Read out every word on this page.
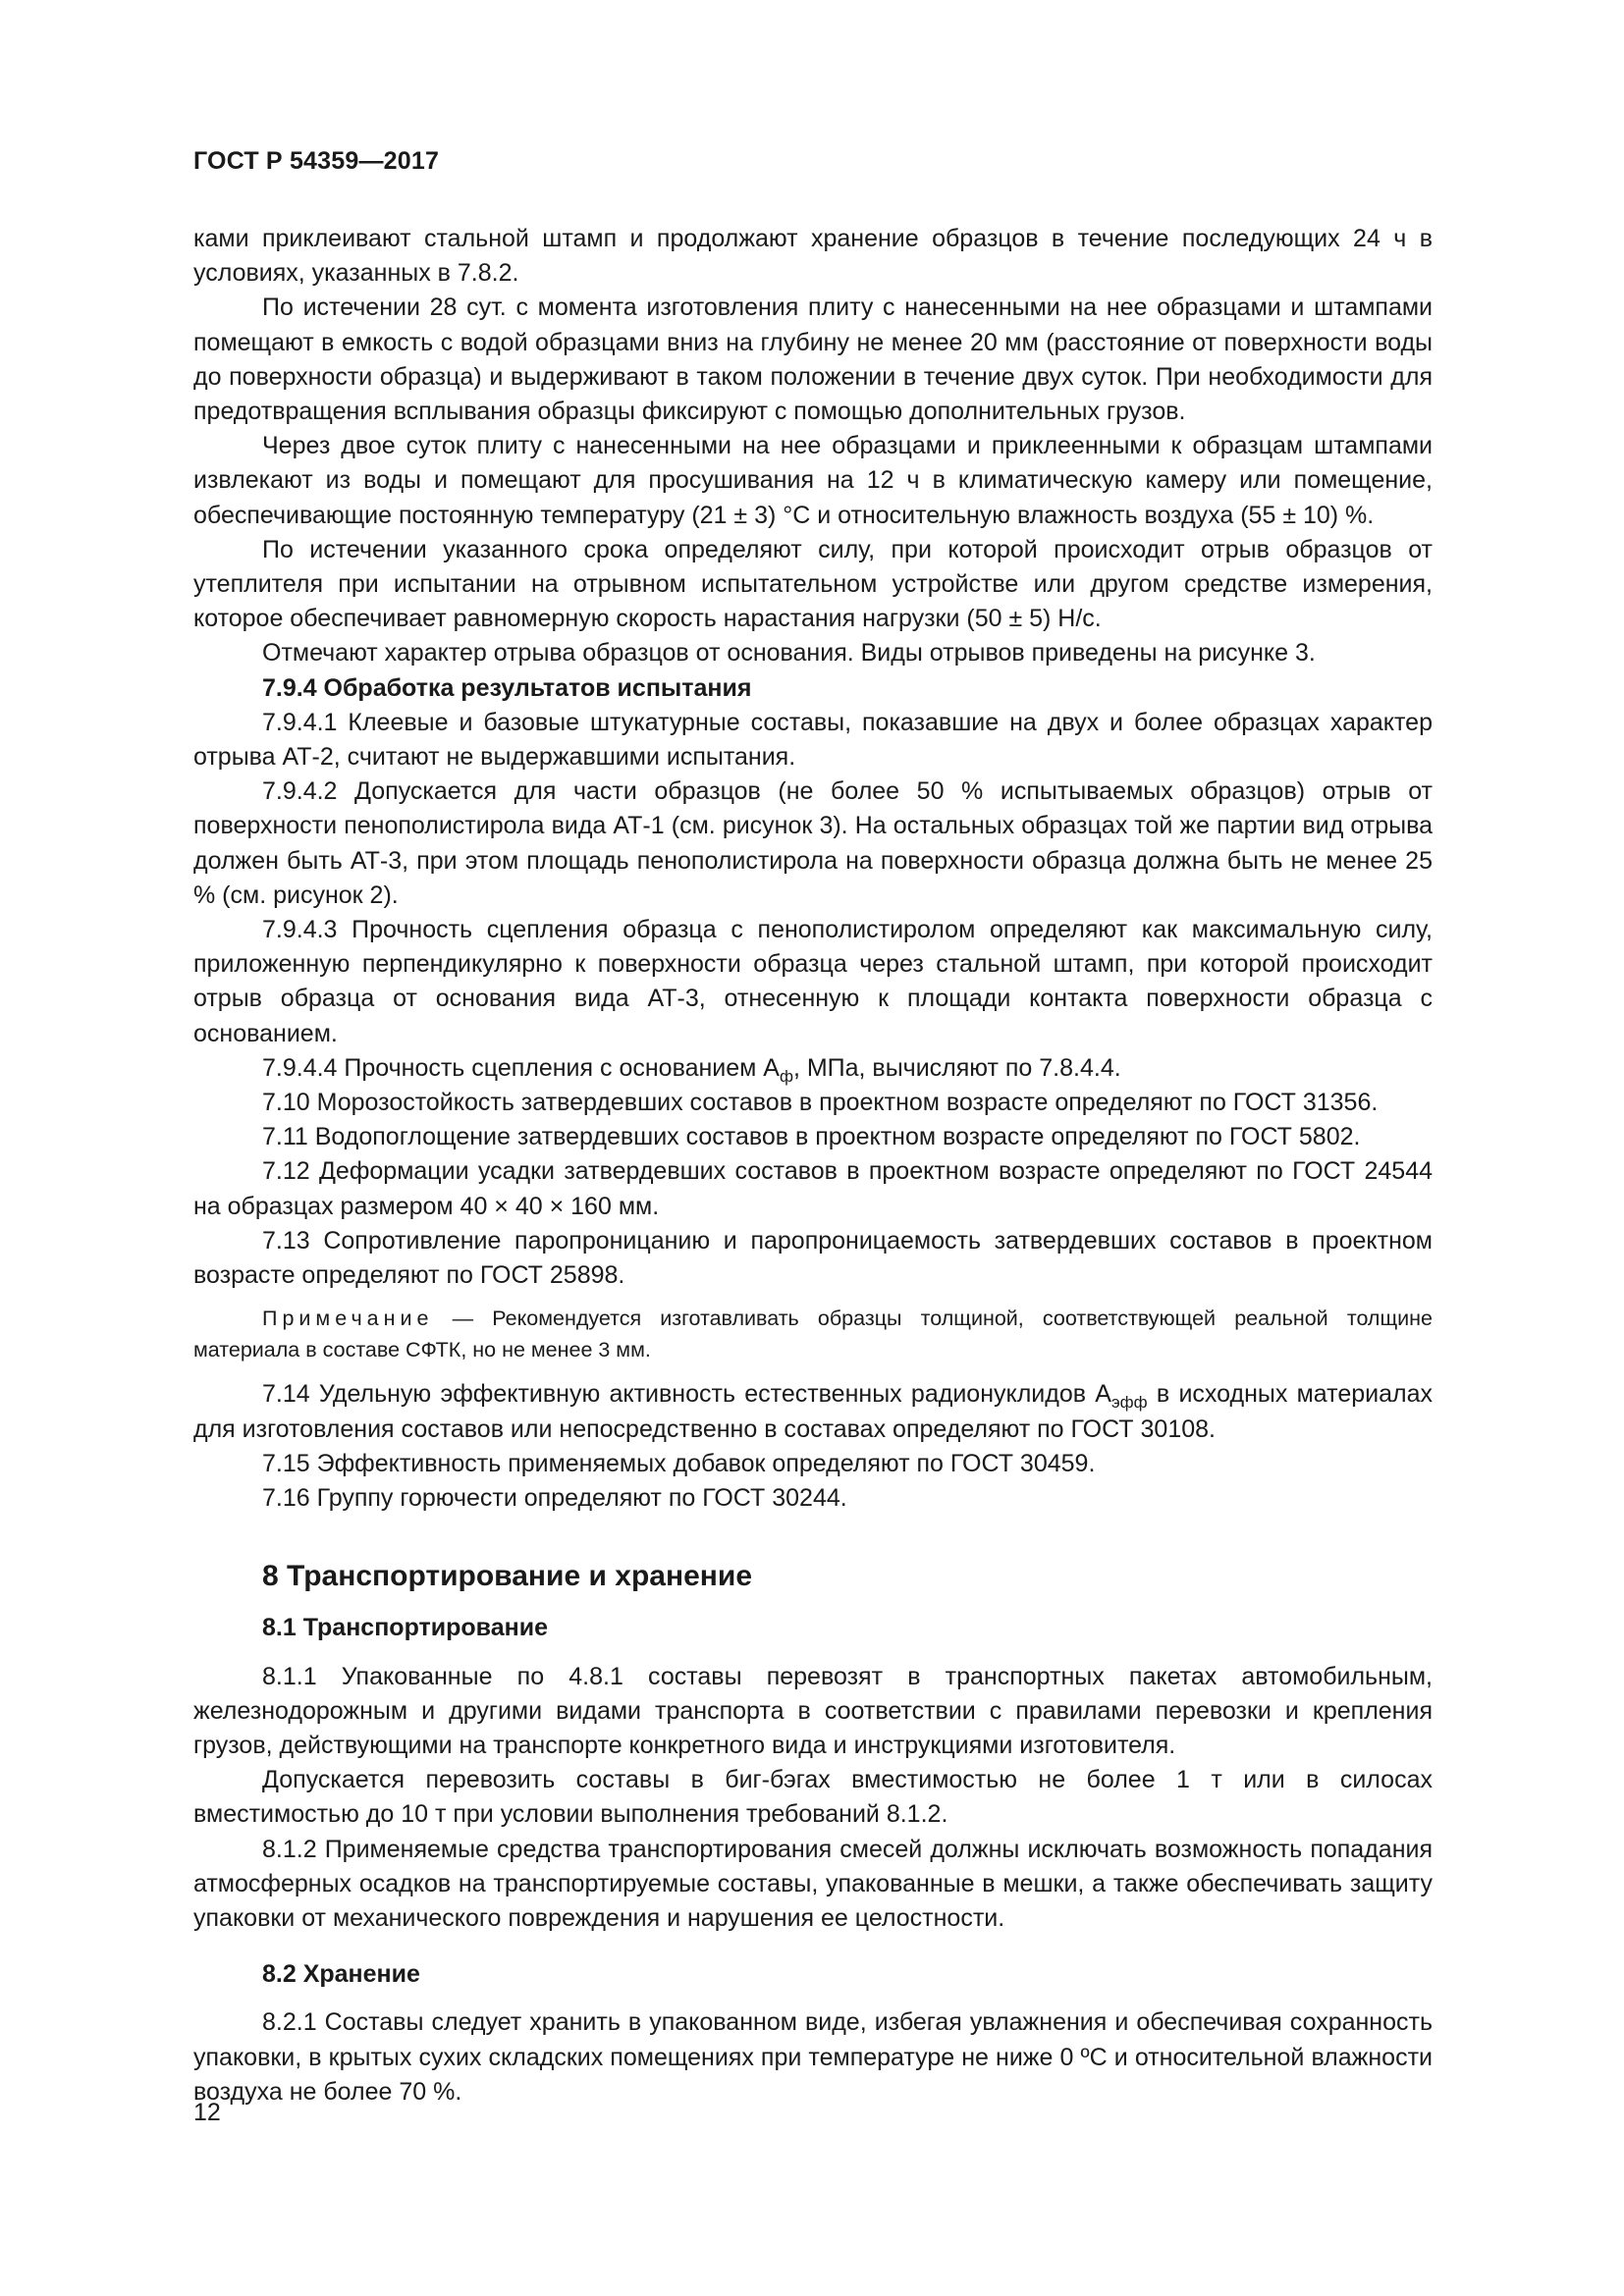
ГОСТ Р 54359—2017

ками приклеивают стальной штамп и продолжают хранение образцов в течение последующих 24 ч в условиях, указанных в 7.8.2.

По истечении 28 сут. с момента изготовления плиту с нанесенными на нее образцами и штампами помещают в емкость с водой образцами вниз на глубину не менее 20 мм (расстояние от поверхности воды до поверхности образца) и выдерживают в таком положении в течение двух суток. При необходимости для предотвращения всплывания образцы фиксируют с помощью дополнительных грузов.

Через двое суток плиту с нанесенными на нее образцами и приклеенными к образцам штампами извлекают из воды и помещают для просушивания на 12 ч в климатическую камеру или помещение, обеспечивающие постоянную температуру (21 ± 3) °С и относительную влажность воздуха (55 ± 10) %.

По истечении указанного срока определяют силу, при которой происходит отрыв образцов от утеплителя при испытании на отрывном испытательном устройстве или другом средстве измерения, которое обеспечивает равномерную скорость нарастания нагрузки (50 ± 5) Н/с.

Отмечают характер отрыва образцов от основания. Виды отрывов приведены на рисунке 3.

7.9.4 Обработка результатов испытания

7.9.4.1 Клеевые и базовые штукатурные составы, показавшие на двух и более образцах характер отрыва АТ-2, считают не выдержавшими испытания.

7.9.4.2 Допускается для части образцов (не более 50 % испытываемых образцов) отрыв от поверхности пенополистирола вида АТ-1 (см. рисунок 3). На остальных образцах той же партии вид отрыва должен быть АТ-3, при этом площадь пенополистирола на поверхности образца должна быть не менее 25 % (см. рисунок 2).

7.9.4.3 Прочность сцепления образца с пенополистиролом определяют как максимальную силу, приложенную перпендикулярно к поверхности образца через стальной штамп, при которой происходит отрыв образца от основания вида АТ-3, отнесенную к площади контакта поверхности образца с основанием.

7.9.4.4 Прочность сцепления с основанием $А_ф$, МПа, вычисляют по 7.8.4.4.

7.10 Морозостойкость затвердевших составов в проектном возрасте определяют по ГОСТ 31356.

7.11 Водопоглощение затвердевших составов в проектном возрасте определяют по ГОСТ 5802.

7.12 Деформации усадки затвердевших составов в проектном возрасте определяют по ГОСТ 24544 на образцах размером 40 × 40 × 160 мм.

7.13 Сопротивление паропроницанию и паропроницаемость затвердевших составов в проектном возрасте определяют по ГОСТ 25898.

Примечание — Рекомендуется изготавливать образцы толщиной, соответствующей реальной толщине материала в составе СФТК, но не менее 3 мм.

7.14 Удельную эффективную активность естественных радионуклидов $А_{эфф}$ в исходных материалах для изготовления составов или непосредственно в составах определяют по ГОСТ 30108.

7.15 Эффективность применяемых добавок определяют по ГОСТ 30459.

7.16 Группу горючести определяют по ГОСТ 30244.

8 Транспортирование и хранение
8.1 Транспортирование

8.1.1 Упакованные по 4.8.1 составы перевозят в транспортных пакетах автомобильным, железнодорожным и другими видами транспорта в соответствии с правилами перевозки и крепления грузов, действующими на транспорте конкретного вида и инструкциями изготовителя.

Допускается перевозить составы в биг-бэгах вместимостью не более 1 т или в силосах вместимостью до 10 т при условии выполнения требований 8.1.2.

8.1.2 Применяемые средства транспортирования смесей должны исключать возможность попадания атмосферных осадков на транспортируемые составы, упакованные в мешки, а также обеспечивать защиту упаковки от механического повреждения и нарушения ее целостности.

8.2 Хранение

8.2.1 Составы следует хранить в упакованном виде, избегая увлажнения и обеспечивая сохранность упаковки, в крытых сухих складских помещениях при температуре не ниже 0 ºС и относительной влажности воздуха не более 70 %.

12
